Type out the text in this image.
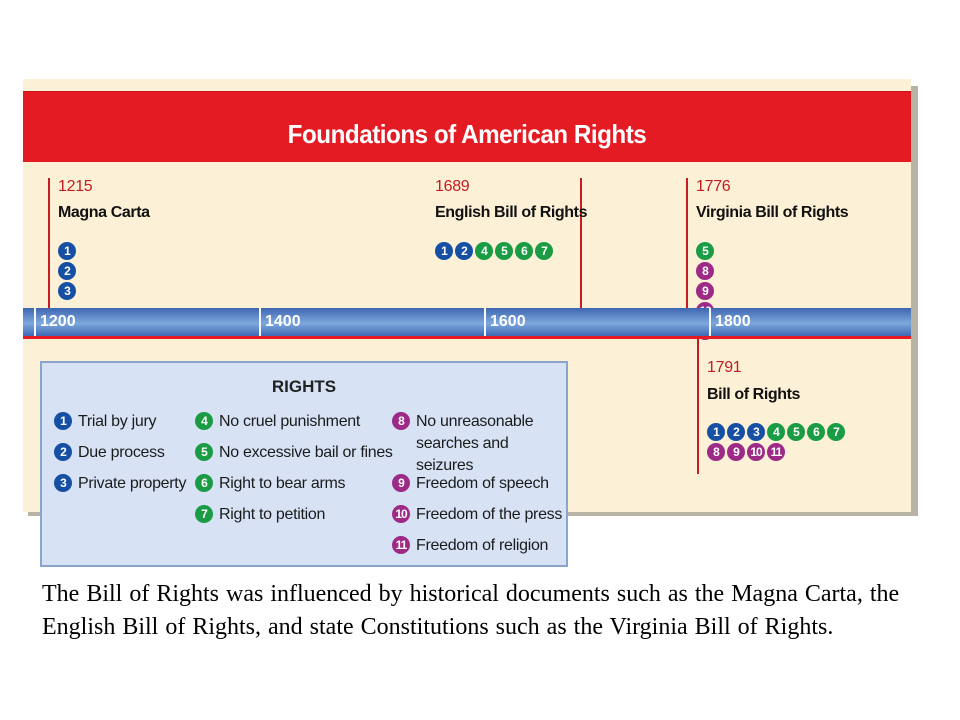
Foundations of American Rights
1215
Magna Carta
1
2
3
1689
English Bill of Rights
1	2	4	5	6	7
1776
Virginia Bill of Rights
5
8
9
1200	1400	1600	1800
1791
Bill of Rights
1	2	3	4	5	6	7
8	9 10 11
RIGHTS
1 Trial by jury
2 Due process
3 Private property
4 No cruel punishment
5 No excessive bail or fines
6 Right to bear arms
7 Right to petition
8 No unreasonable
searches and seizures
9 Freedom of speech
10 Freedom of the press
11 Freedom of religion
The Bill of Rights was influenced by historical documents such as the Magna Carta, the English Bill of Rights, and state Constitutions such as the Virginia Bill of Rights.
